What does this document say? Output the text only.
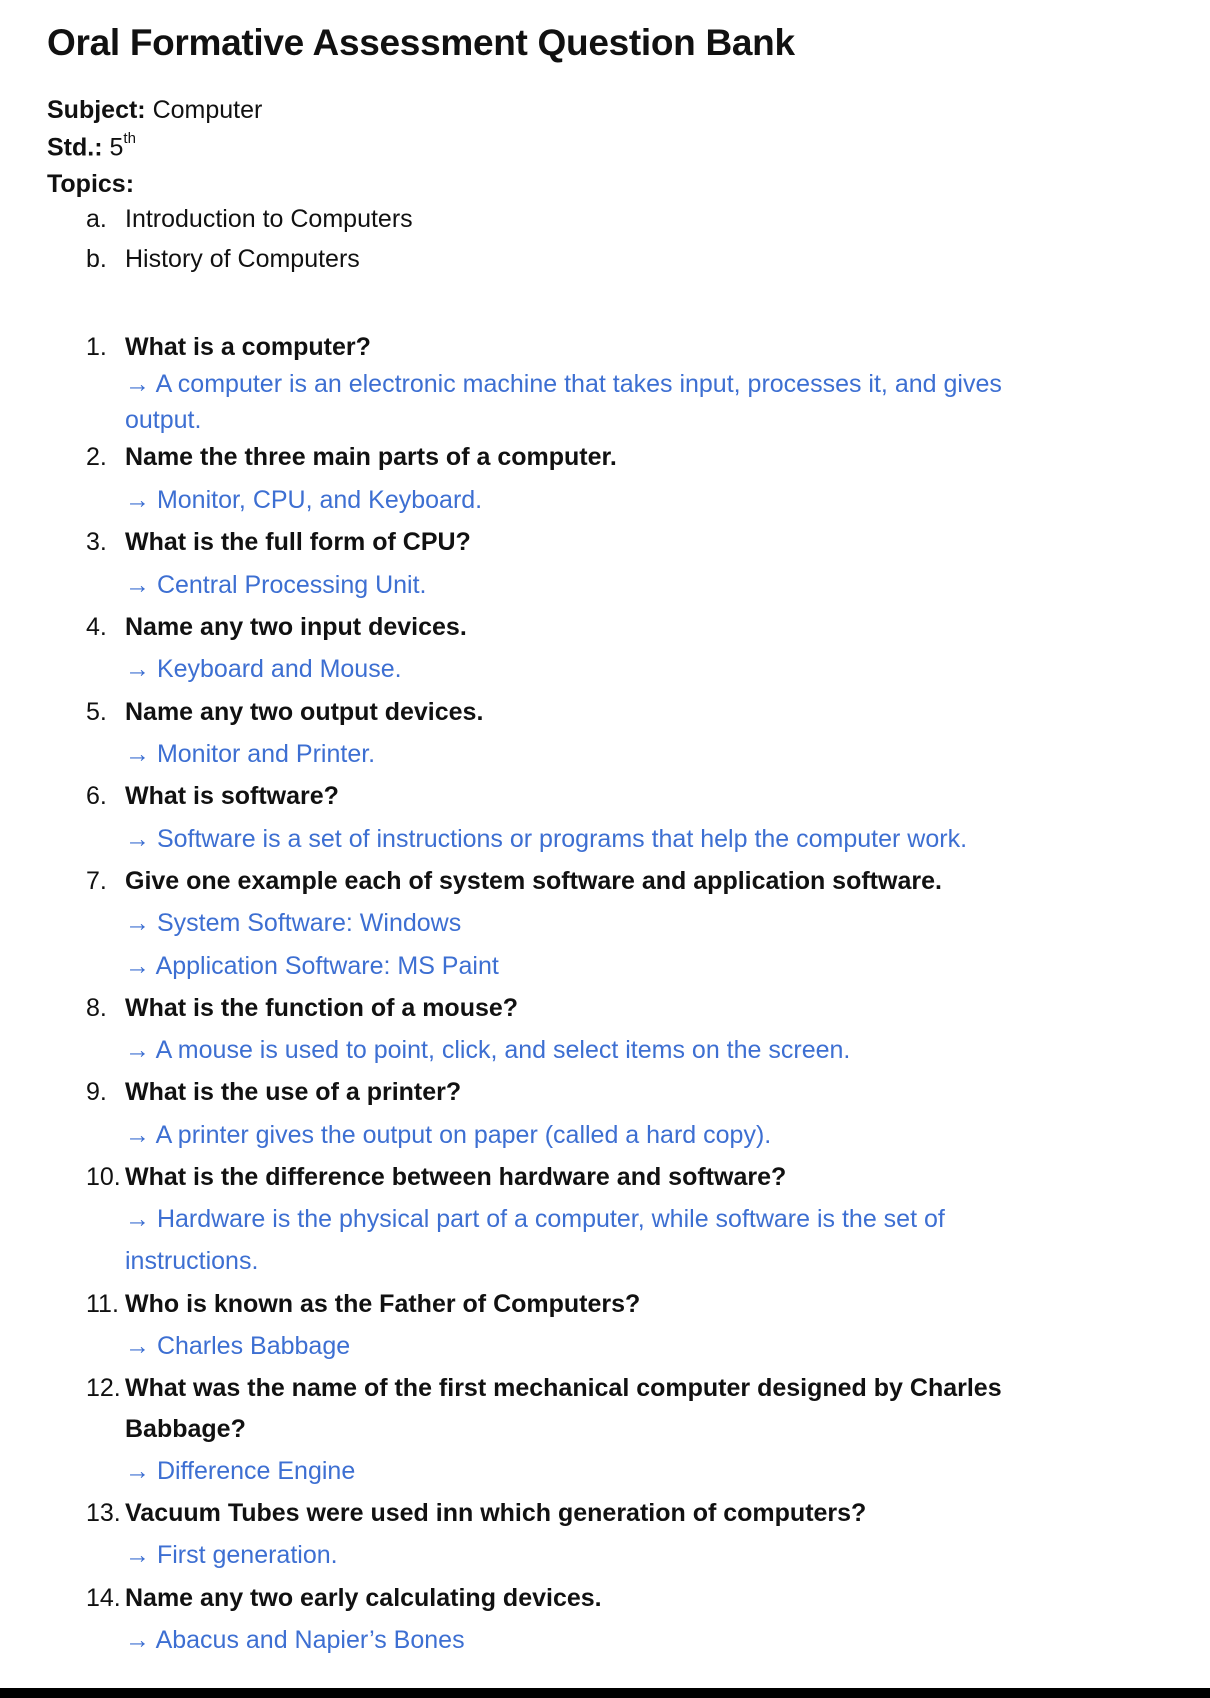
Oral Formative Assessment Question Bank
Subject: Computer
Std.: 5th
Topics:
a. Introduction to Computers
b. History of Computers
1. What is a computer?
→ A computer is an electronic machine that takes input, processes it, and gives
output.
2. Name the three main parts of a computer.
→ Monitor, CPU, and Keyboard.
3. What is the full form of CPU?
→ Central Processing Unit.
4. Name any two input devices.
→ Keyboard and Mouse.
5. Name any two output devices.
→ Monitor and Printer.
6. What is software?
→ Software is a set of instructions or programs that help the computer work.
7. Give one example each of system software and application software.
→ System Software: Windows
→ Application Software: MS Paint
8. What is the function of a mouse?
→ A mouse is used to point, click, and select items on the screen.
9. What is the use of a printer?
→ A printer gives the output on paper (called a hard copy).
10. What is the difference between hardware and software?
→ Hardware is the physical part of a computer, while software is the set of
instructions.
11. Who is known as the Father of Computers?
→ Charles Babbage
12. What was the name of the first mechanical computer designed by Charles
Babbage?
→ Difference Engine
13. Vacuum Tubes were used inn which generation of computers?
→ First generation.
14. Name any two early calculating devices.
→ Abacus and Napier’s Bones
